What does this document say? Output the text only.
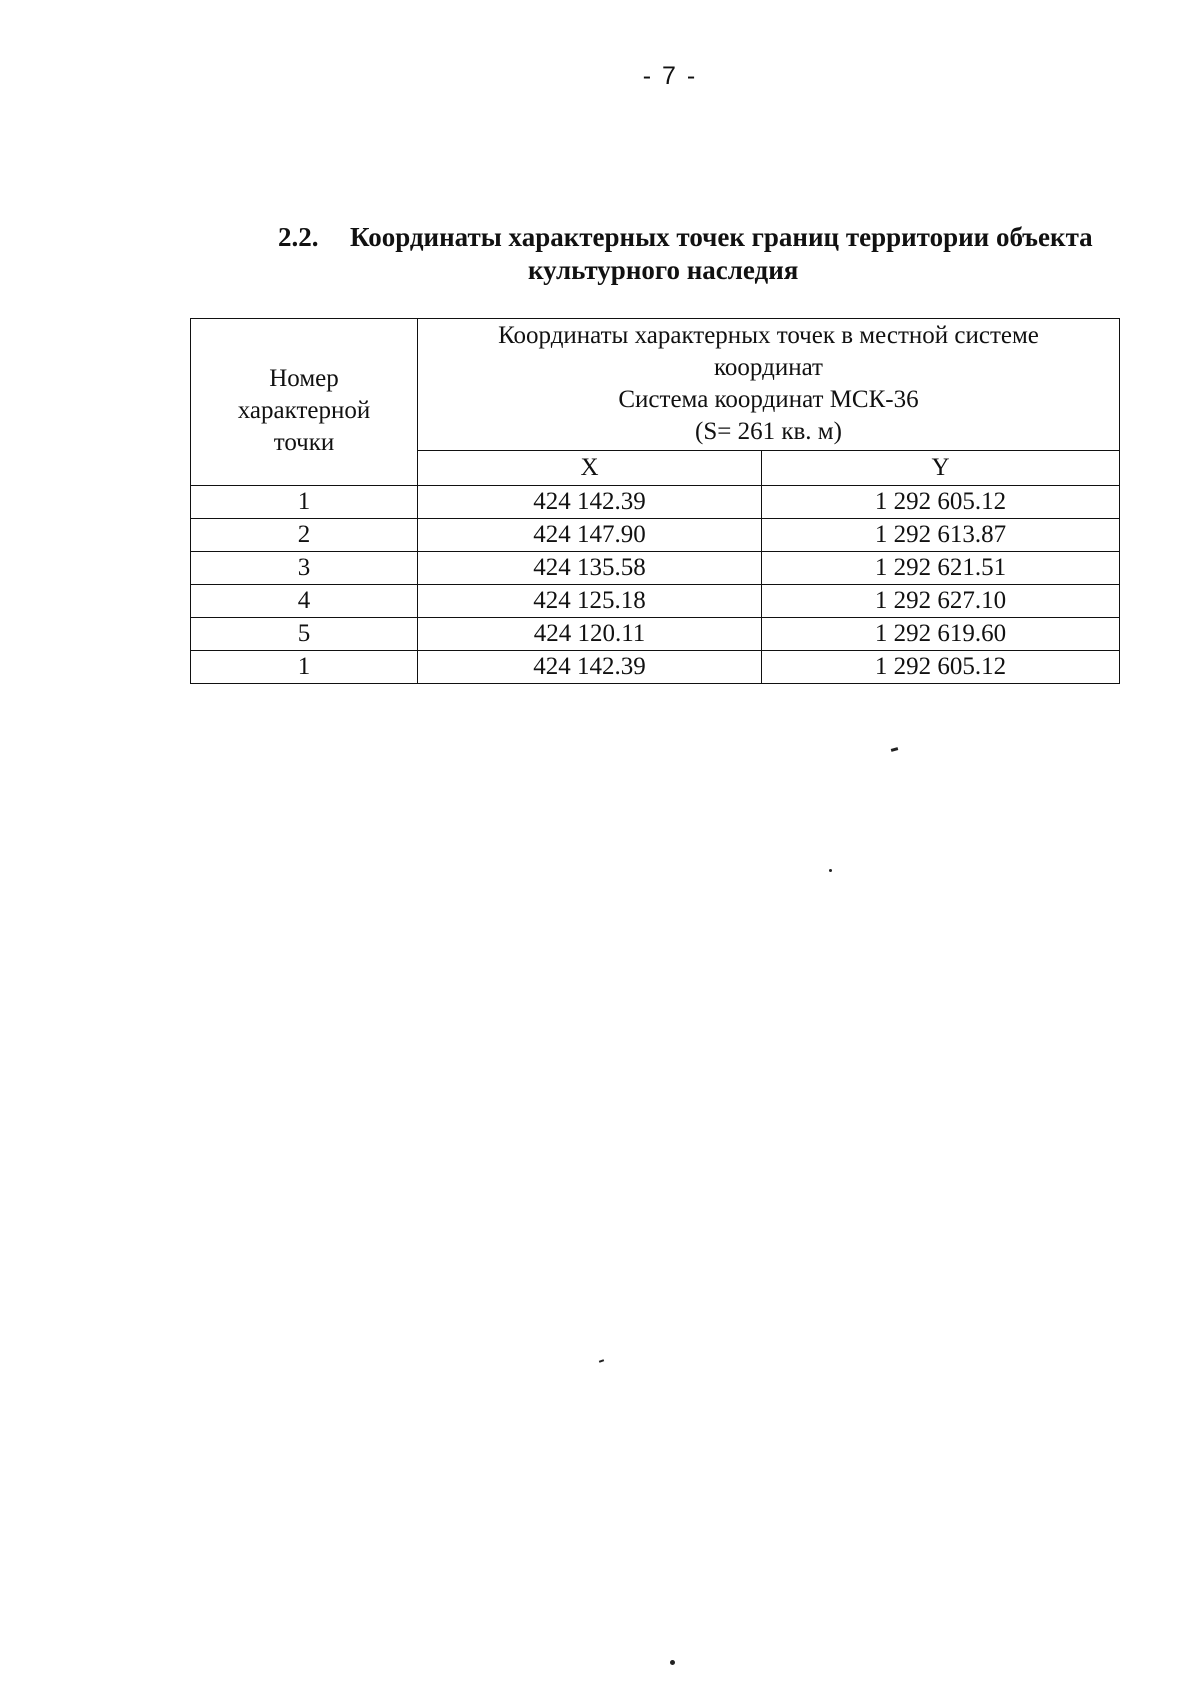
- 7 -
2.2. Координаты характерных точек границ территории объекта
культурного наследия
Номер
характерной
точки	Координаты характерных точек в местной системе
координат
Система координат МСК-36
(S= 261 кв. м)	

	X	Y
1	424 142.39	1 292 605.12
2	424 147.90	1 292 613.87
3	424 135.58	1 292 621.51
4	424 125.18	1 292 627.10
5	424 120.11	1 292 619.60
1	424 142.39	1 292 605.12
